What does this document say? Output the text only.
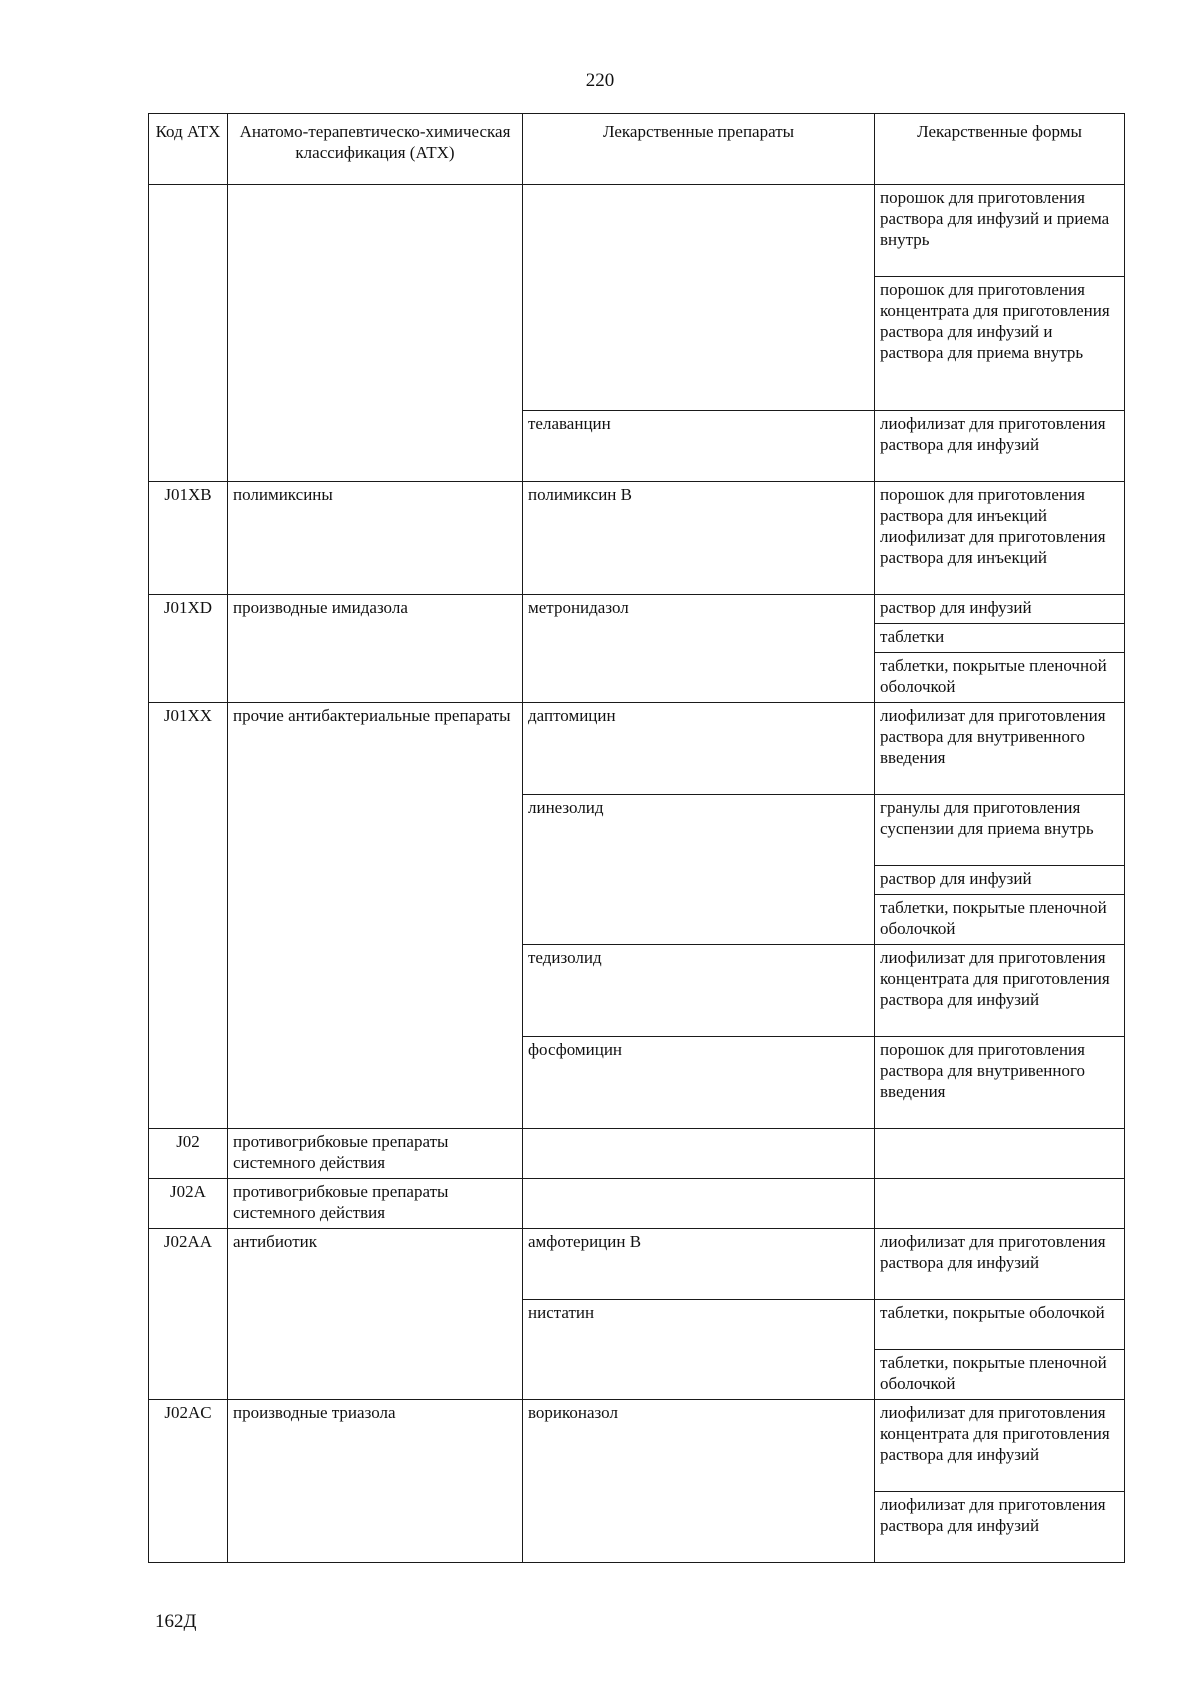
220
Код АТХ	Анатомо-терапевтическо-химическая классификация (АТХ)	Лекарственные препараты	Лекарственные формы
			порошок для приготовления раствора для инфузий и приема внутрь
			порошок для приготовления концентрата для приготовления раствора для инфузий и раствора для приема внутрь
		телаванцин	лиофилизат для приготовления раствора для инфузий
J01XB	полимиксины	полимиксин B	порошок для приготовления раствора для инъекций лиофилизат для приготовления раствора для инъекций
J01XD	производные имидазола	метронидазол	раствор для инфузий
			таблетки
			таблетки, покрытые пленочной оболочкой
J01XX	прочие антибактериальные препараты	даптомицин	лиофилизат для приготовления раствора для внутривенного введения
		линезолид	гранулы для приготовления суспензии для приема внутрь
			раствор для инфузий
			таблетки, покрытые пленочной оболочкой
		тедизолид	лиофилизат для приготовления концентрата для приготовления раствора для инфузий
		фосфомицин	порошок для приготовления раствора для внутривенного введения
J02	противогрибковые препараты системного действия		
J02A	противогрибковые препараты системного действия		
J02AA	антибиотик	амфотерицин B	лиофилизат для приготовления раствора для инфузий
		нистатин	таблетки, покрытые оболочкой
			таблетки, покрытые пленочной оболочкой
J02AC	производные триазола	вориконазол	лиофилизат для приготовления концентрата для приготовления раствора для инфузий
			лиофилизат для приготовления раствора для инфузий
162Д
